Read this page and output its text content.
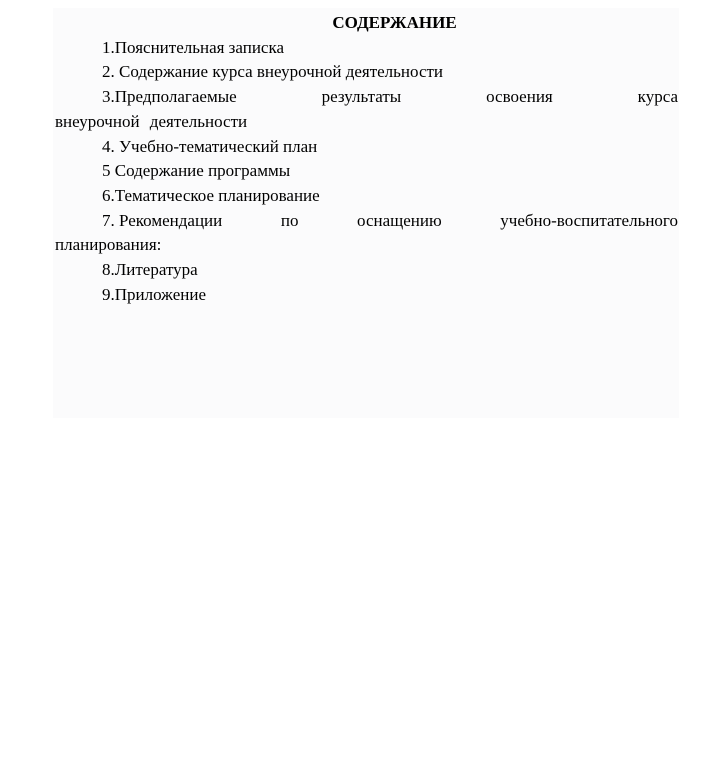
СОДЕРЖАНИЕ

1.Пояснительная записка

2. Содержание курса внеурочной деятельности

3.Предполагаемые	результаты	освоения	курса
внеурочной деятельности

4. Учебно-тематический план

5 Содержание программы

6.Тематическое планирование

7. Рекомендации	по	оснащению	учебно-воспитательного
планирования:

8.Литература

9.Приложение
